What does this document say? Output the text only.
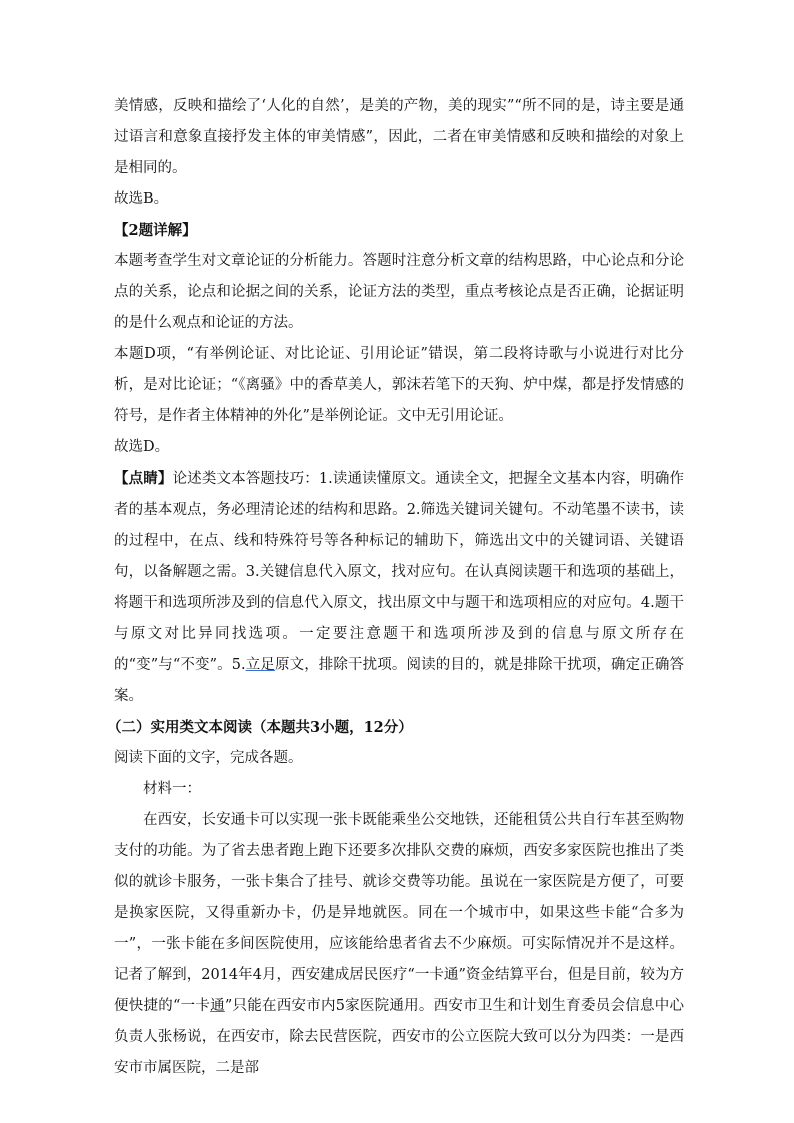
美情感，反映和描绘了‘人化的自然’，是美的产物，美的现实”“所不同的是，诗主要是通过语言和意象直接抒发主体的审美情感”，因此，二者在审美情感和反映和描绘的对象上是相同的。

故选B。

【2题详解】

本题考查学生对文章论证的分析能力。答题时注意分析文章的结构思路，中心论点和分论点的关系，论点和论据之间的关系，论证方法的类型，重点考核论点是否正确，论据证明的是什么观点和论证的方法。

本题D项，“有举例论证、对比论证、引用论证”错误，第二段将诗歌与小说进行对比分析，是对比论证；“《离骚》中的香草美人，郭沫若笔下的天狗、炉中煤，都是抒发情感的符号，是作者主体精神的外化”是举例论证。文中无引用论证。

故选D。

【点睛】论述类文本答题技巧：1.读通读懂原文。通读全文，把握全文基本内容，明确作者的基本观点，务必理清论述的结构和思路。2.筛选关键词关键句。不动笔墨不读书，读的过程中，在点、线和特殊符号等各种标记的辅助下，筛选出文中的关键词语、关键语句，以备解题之需。3.关键信息代入原文，找对应句。在认真阅读题干和选项的基础上，将题干和选项所涉及到的信息代入原文，找出原文中与题干和选项相应的对应句。4.题干与原文对比异同找选项。一定要注意题干和选项所涉及到的信息与原文所存在的“变”与“不变”。5.立足原文，排除干扰项。阅读的目的，就是排除干扰项，确定正确答案。

（二）实用类文本阅读（本题共3小题，12分）

阅读下面的文字，完成各题。

材料一：

在西安，长安通卡可以实现一张卡既能乘坐公交地铁，还能租赁公共自行车甚至购物支付的功能。为了省去患者跑上跑下还要多次排队交费的麻烦，西安多家医院也推出了类似的就诊卡服务，一张卡集合了挂号、就诊交费等功能。虽说在一家医院是方便了，可要是换家医院，又得重新办卡，仍是异地就医。同在一个城市中，如果这些卡能“合多为一”，一张卡能在多间医院使用，应该能给患者省去不少麻烦。可实际情况并不是这样。记者了解到，2014年4月，西安建成居民医疗“一卡通”资金结算平台，但是目前，较为方便快捷的“一卡通”只能在西安市内5家医院通用。西安市卫生和计划生育委员会信息中心负责人张杨说，在西安市，除去民营医院，西安市的公立医院大致可以分为四类：一是西安市市属医院，二是部
